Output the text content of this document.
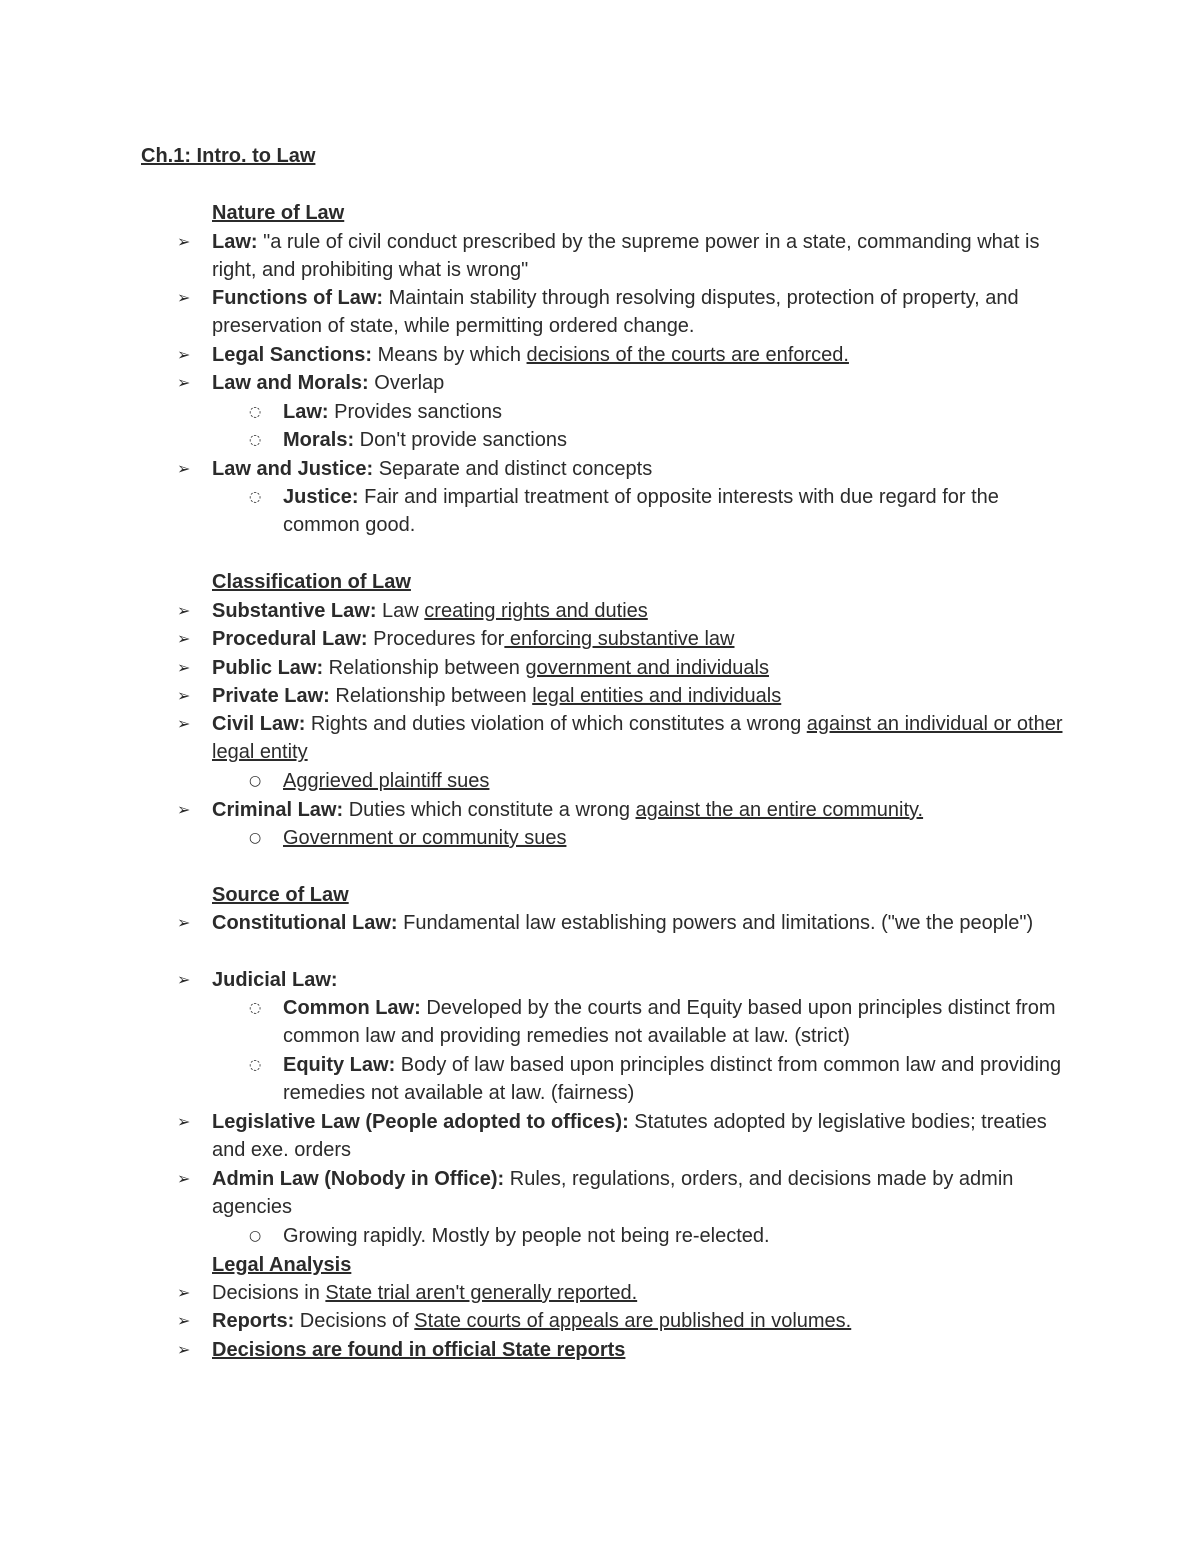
Ch.1: Intro. to Law
Nature of Law
➢	Law: "a rule of civil conduct prescribed by the supreme power in a state, commanding what is right, and prohibiting what is wrong"
➢	Functions of Law: Maintain stability through resolving disputes, protection of property, and preservation of state, while permitting ordered change.
➢	Legal Sanctions: Means by which decisions of the courts are enforced.
➢	Law and Morals: Overlap
◌	Law: Provides sanctions
◌	Morals: Don't provide sanctions
➢	Law and Justice: Separate and distinct concepts
◌	Justice: Fair and impartial treatment of opposite interests with due regard for the common good.
Classification of Law
➢	Substantive Law: Law creating rights and duties
➢	Procedural Law: Procedures for enforcing substantive law
➢	Public Law: Relationship between government and individuals
➢	Private Law: Relationship between legal entities and individuals
➢	Civil Law: Rights and duties violation of which constitutes a wrong against an individual or other legal entity
○	Aggrieved plaintiff sues
➢	Criminal Law: Duties which constitute a wrong against the an entire community.
○	Government or community sues
Source of Law
➢	Constitutional Law: Fundamental law establishing powers and limitations. ("we the people")
➢	Judicial Law:
◌	Common Law: Developed by the courts and Equity based upon principles distinct from common law and providing remedies not available at law. (strict)
◌	Equity Law: Body of law based upon principles distinct from common law and providing remedies not available at law. (fairness)
➢	Legislative Law (People adopted to offices): Statutes adopted by legislative bodies; treaties and exe. orders
➢	Admin Law (Nobody in Office): Rules, regulations, orders, and decisions made by admin agencies
○	Growing rapidly. Mostly by people not being re-elected.
Legal Analysis
➢	Decisions in State trial aren't generally reported.
➢	Reports: Decisions of State courts of appeals are published in volumes.
➢	Decisions are found in official State reports
